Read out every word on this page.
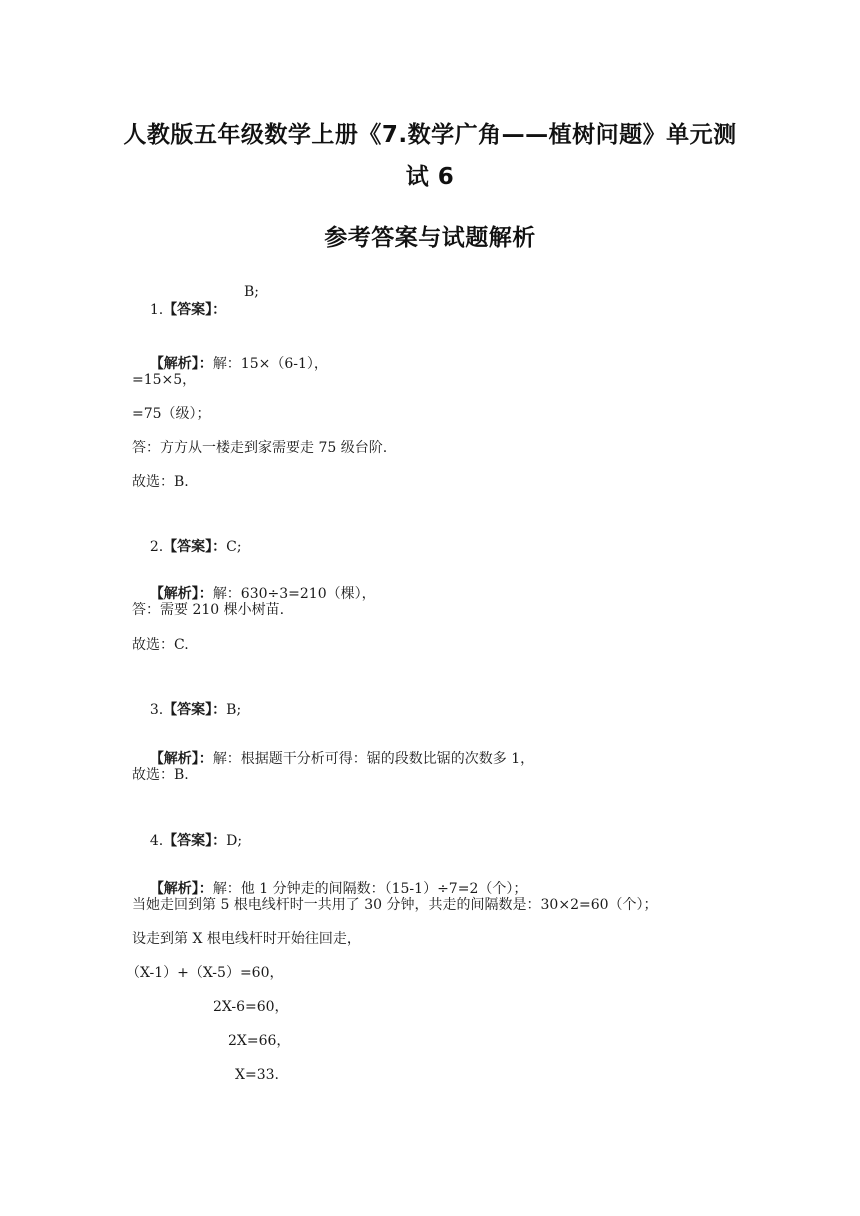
人教版五年级数学上册《7.数学广角——植树问题》单元测
试 6
参考答案与试题解析

1.【答案】：

B;

【解析】：解：15×（6-1），

=15×5，
=75（级）；
答：方方从一楼走到家需要走 75 级台阶.
故选：B.

2.【答案】：C;

【解析】：解：630÷3=210（棵），

答：需要 210 棵小树苗.
故选：C.

3.【答案】：B;

【解析】：解：根据题干分析可得：锯的段数比锯的次数多 1，

故选：B.

4.【答案】：D;

【解析】：解：他 1 分钟走的间隔数：（15-1）÷7=2（个）；

当她走回到第 5 根电线杆时一共用了 30 分钟，共走的间隔数是：30×2=60（个）；
设走到第 X 根电线杆时开始往回走，
（X-1）+（X-5）=60，
2X-6=60，
2X=66，
X=33.
